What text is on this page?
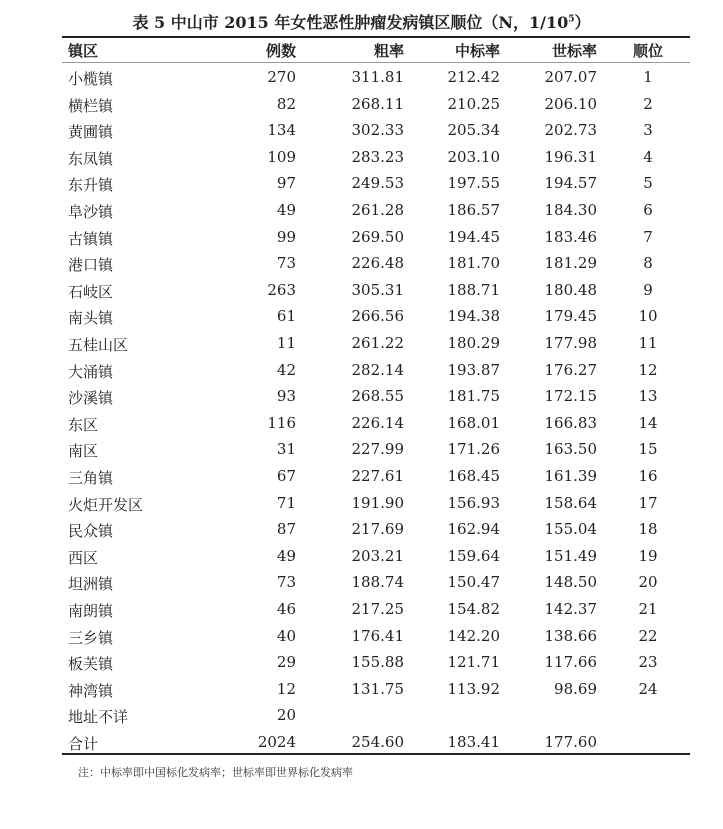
表 5 中山市 2015 年女性恶性肿瘤发病镇区顺位（N，$1/10^5$）
镇区	例数	粗率	中标率	世标率	顺位
小榄镇	270	311.81	212.42	207.07	1
横栏镇	82	268.11	210.25	206.10	2
黄圃镇	134	302.33	205.34	202.73	3
东凤镇	109	283.23	203.10	196.31	4
东升镇	97	249.53	197.55	194.57	5
阜沙镇	49	261.28	186.57	184.30	6
古镇镇	99	269.50	194.45	183.46	7
港口镇	73	226.48	181.70	181.29	8
石岐区	263	305.31	188.71	180.48	9
南头镇	61	266.56	194.38	179.45	10
五桂山区	11	261.22	180.29	177.98	11
大涌镇	42	282.14	193.87	176.27	12
沙溪镇	93	268.55	181.75	172.15	13
东区	116	226.14	168.01	166.83	14
南区	31	227.99	171.26	163.50	15
三角镇	67	227.61	168.45	161.39	16
火炬开发区	71	191.90	156.93	158.64	17
民众镇	87	217.69	162.94	155.04	18
西区	49	203.21	159.64	151.49	19
坦洲镇	73	188.74	150.47	148.50	20
南朗镇	46	217.25	154.82	142.37	21
三乡镇	40	176.41	142.20	138.66	22
板芙镇	29	155.88	121.71	117.66	23
神湾镇	12	131.75	113.92	98.69	24
地址不详	20
合计	2024	254.60	183.41	177.60
注：中标率即中国标化发病率；世标率即世界标化发病率
